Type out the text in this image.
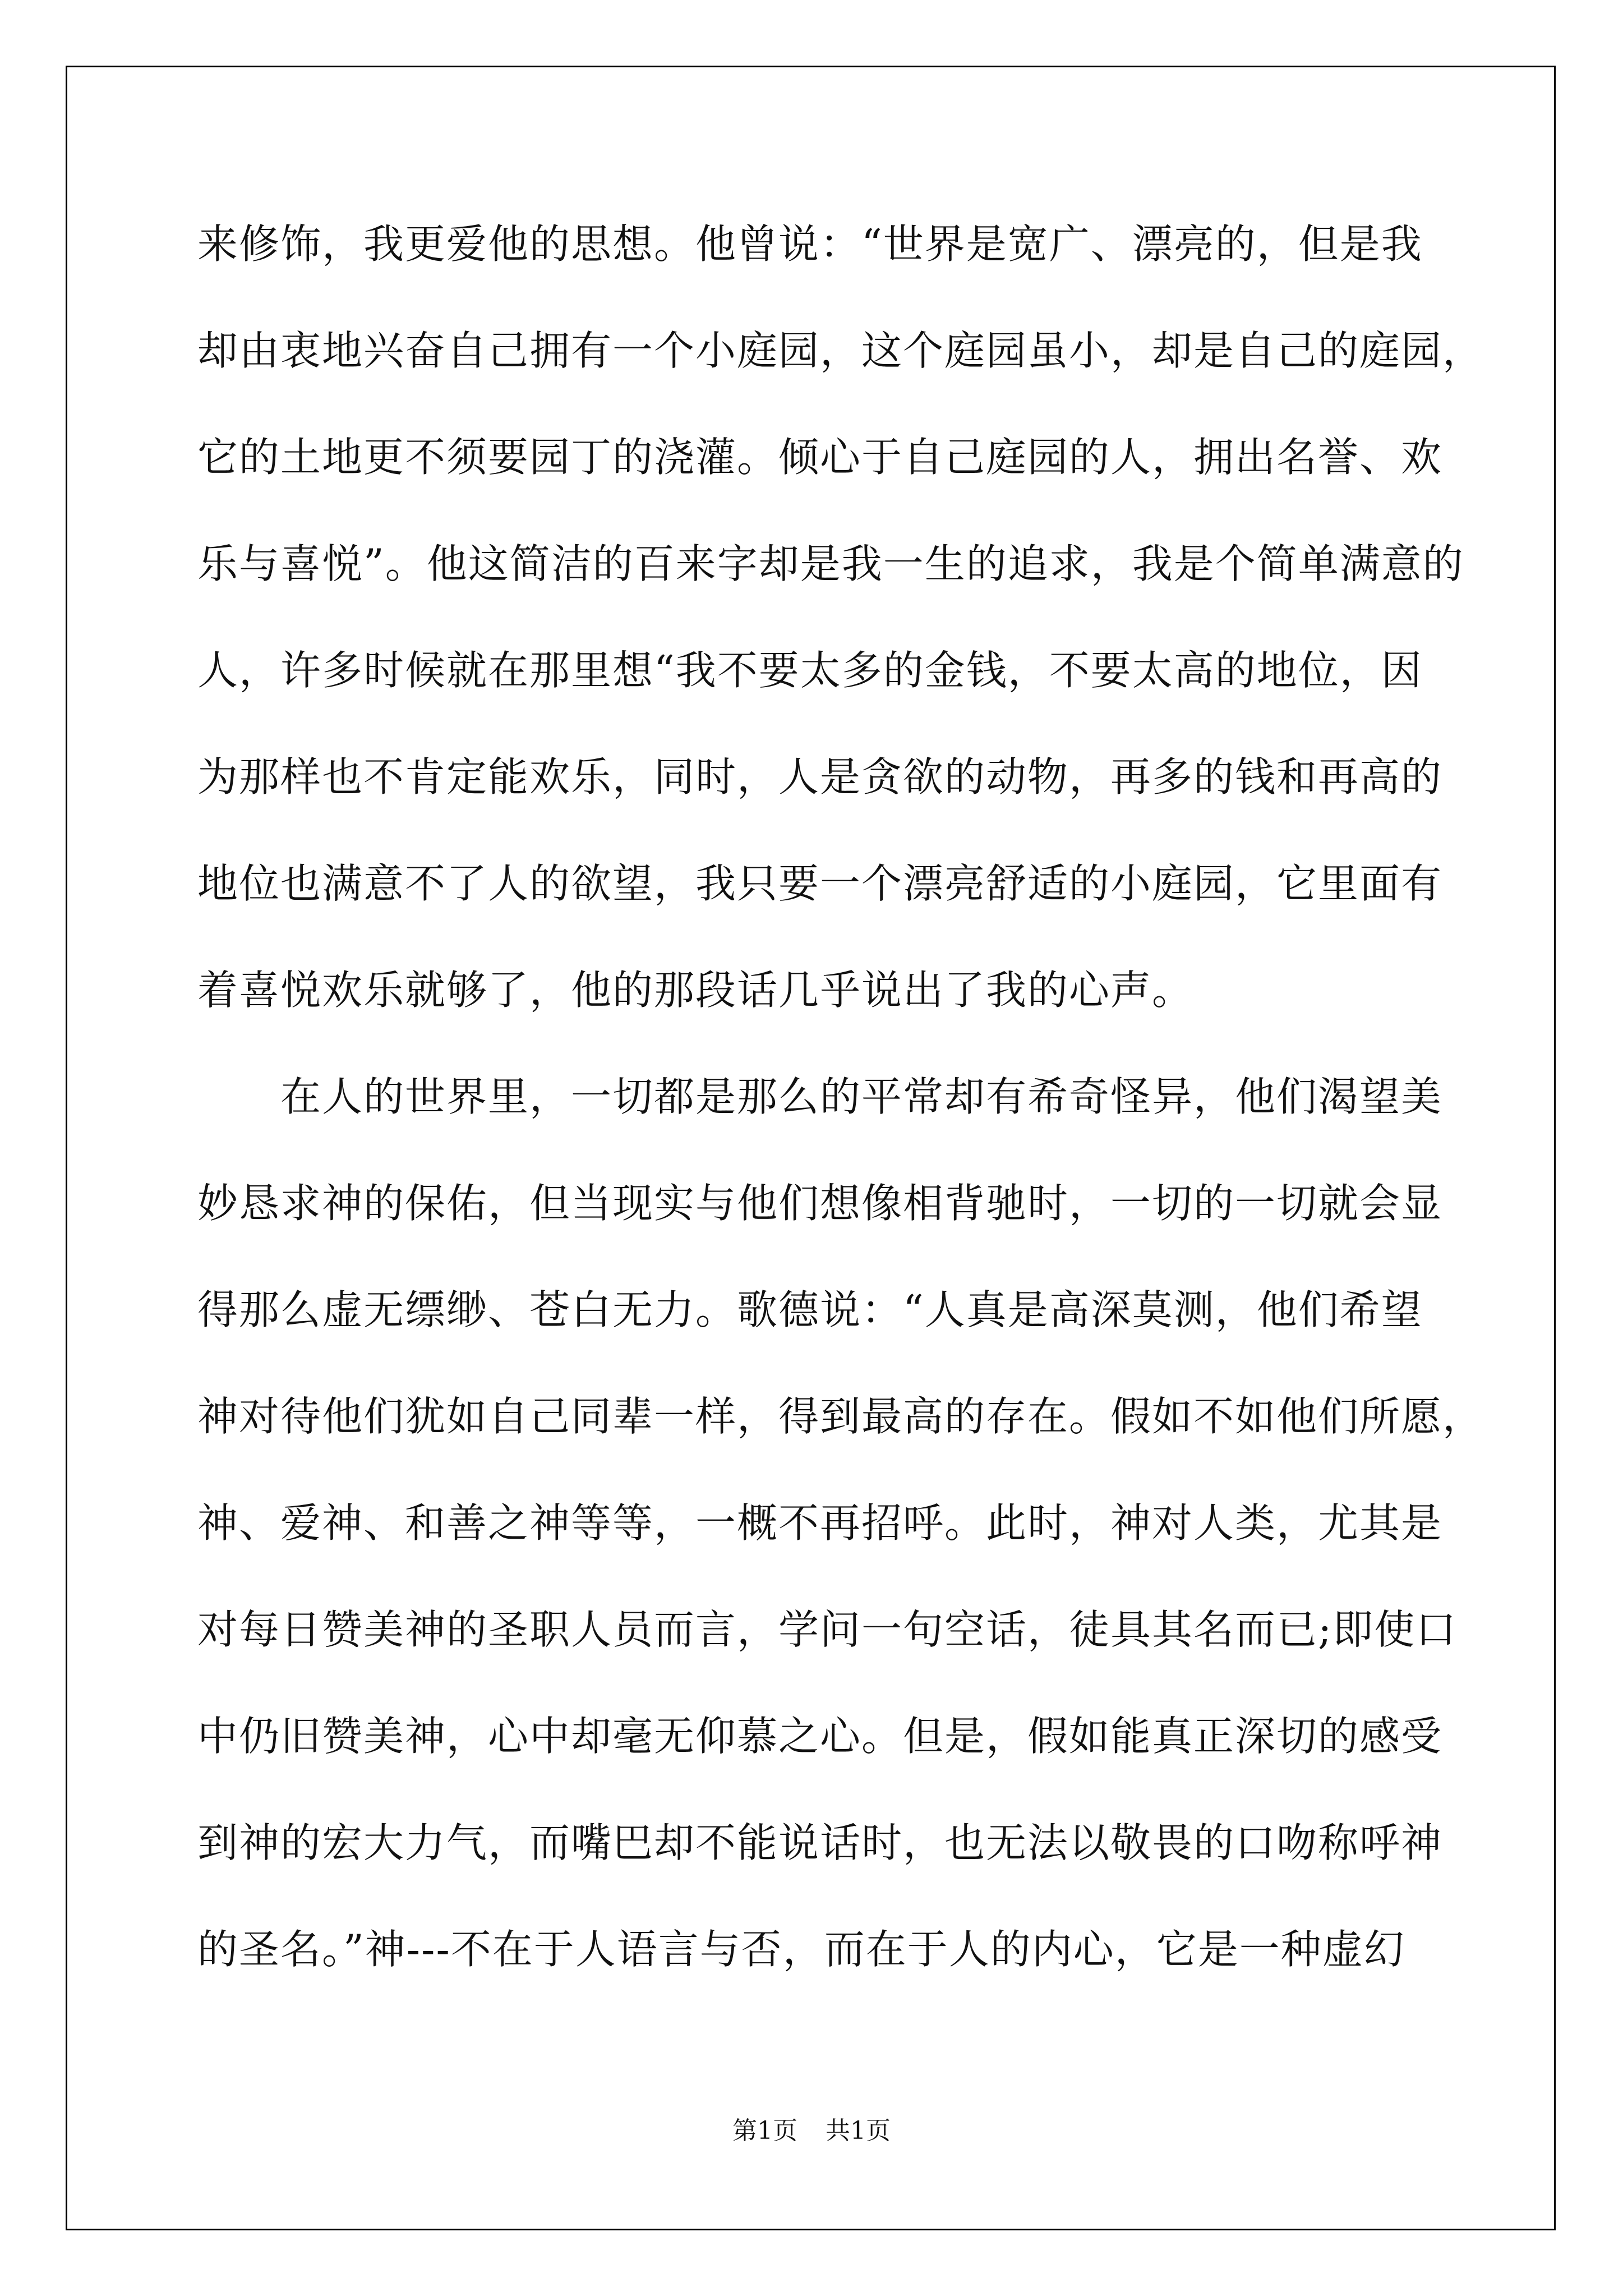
来修饰，我更爱他的思想。他曾说：“世界是宽广、漂亮的，但是我
却由衷地兴奋自己拥有一个小庭园，这个庭园虽小，却是自己的庭园，
它的土地更不须要园丁的浇灌。倾心于自己庭园的人，拥出名誉、欢
乐与喜悦”。他这简洁的百来字却是我一生的追求，我是个简单满意的
人，许多时候就在那里想“我不要太多的金钱，不要太高的地位，因
为那样也不肯定能欢乐，同时，人是贪欲的动物，再多的钱和再高的
地位也满意不了人的欲望，我只要一个漂亮舒适的小庭园，它里面有
着喜悦欢乐就够了，他的那段话几乎说出了我的心声。
在人的世界里，一切都是那么的平常却有希奇怪异，他们渴望美
妙恳求神的保佑，但当现实与他们想像相背驰时，一切的一切就会显
得那么虚无缥缈、苍白无力。歌德说：“人真是高深莫测，他们希望
神对待他们犹如自己同辈一样，得到最高的存在。假如不如他们所愿，
神、爱神、和善之神等等，一概不再招呼。此时，神对人类，尤其是
对每日赞美神的圣职人员而言，学问一句空话，徒具其名而已;即使口
中仍旧赞美神，心中却毫无仰慕之心。但是，假如能真正深切的感受
到神的宏大力气，而嘴巴却不能说话时，也无法以敬畏的口吻称呼神
的圣名。”神---不在于人语言与否，而在于人的内心，它是一种虚幻
第1页 共1页
